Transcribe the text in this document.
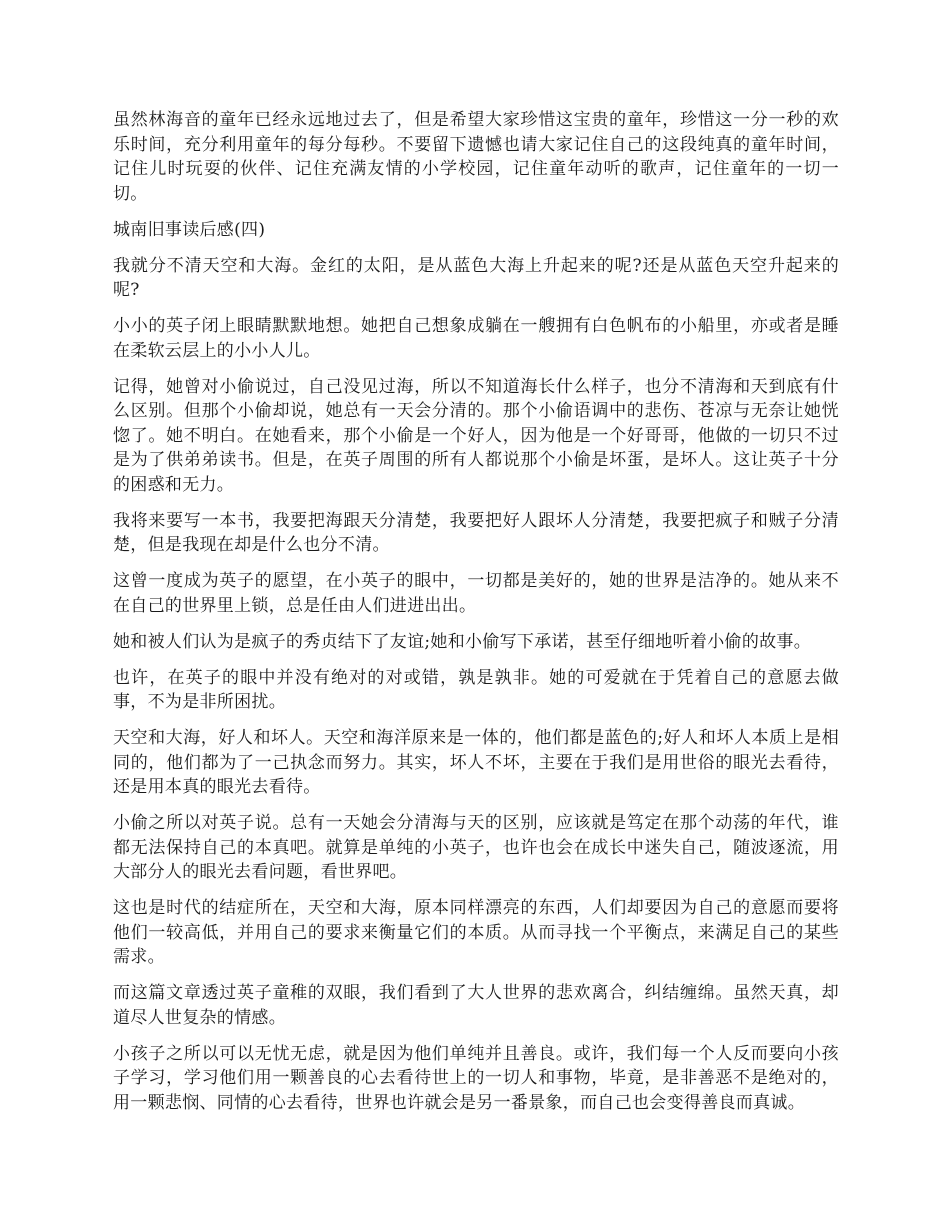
虽然林海音的童年已经永远地过去了，但是希望大家珍惜这宝贵的童年，珍惜这一分一秒的欢乐时间，充分利用童年的每分每秒。不要留下遗憾也请大家记住自己的这段纯真的童年时间，记住儿时玩耍的伙伴、记住充满友情的小学校园，记住童年动听的歌声，记住童年的一切一切。

城南旧事读后感(四)

我就分不清天空和大海。金红的太阳，是从蓝色大海上升起来的呢?还是从蓝色天空升起来的呢?

小小的英子闭上眼睛默默地想。她把自己想象成躺在一艘拥有白色帆布的小船里，亦或者是睡在柔软云层上的小小人儿。

记得，她曾对小偷说过，自己没见过海，所以不知道海长什么样子，也分不清海和天到底有什么区别。但那个小偷却说，她总有一天会分清的。那个小偷语调中的悲伤、苍凉与无奈让她恍惚了。她不明白。在她看来，那个小偷是一个好人，因为他是一个好哥哥，他做的一切只不过是为了供弟弟读书。但是，在英子周围的所有人都说那个小偷是坏蛋，是坏人。这让英子十分的困惑和无力。

我将来要写一本书，我要把海跟天分清楚，我要把好人跟坏人分清楚，我要把疯子和贼子分清楚，但是我现在却是什么也分不清。

这曾一度成为英子的愿望，在小英子的眼中，一切都是美好的，她的世界是洁净的。她从来不在自己的世界里上锁，总是任由人们进进出出。

她和被人们认为是疯子的秀贞结下了友谊;她和小偷写下承诺，甚至仔细地听着小偷的故事。

也许，在英子的眼中并没有绝对的对或错，孰是孰非。她的可爱就在于凭着自己的意愿去做事，不为是非所困扰。

天空和大海，好人和坏人。天空和海洋原来是一体的，他们都是蓝色的;好人和坏人本质上是相同的，他们都为了一己执念而努力。其实，坏人不坏，主要在于我们是用世俗的眼光去看待，还是用本真的眼光去看待。

小偷之所以对英子说。总有一天她会分清海与天的区别，应该就是笃定在那个动荡的年代，谁都无法保持自己的本真吧。就算是单纯的小英子，也许也会在成长中迷失自己，随波逐流，用大部分人的眼光去看问题，看世界吧。

这也是时代的结症所在，天空和大海，原本同样漂亮的东西，人们却要因为自己的意愿而要将他们一较高低，并用自己的要求来衡量它们的本质。从而寻找一个平衡点，来满足自己的某些需求。

而这篇文章透过英子童稚的双眼，我们看到了大人世界的悲欢离合，纠结缠绵。虽然天真，却道尽人世复杂的情感。

小孩子之所以可以无忧无虑，就是因为他们单纯并且善良。或许，我们每一个人反而要向小孩子学习，学习他们用一颗善良的心去看待世上的一切人和事物，毕竟，是非善恶不是绝对的，用一颗悲悯、同情的心去看待，世界也许就会是另一番景象，而自己也会变得善良而真诚。
